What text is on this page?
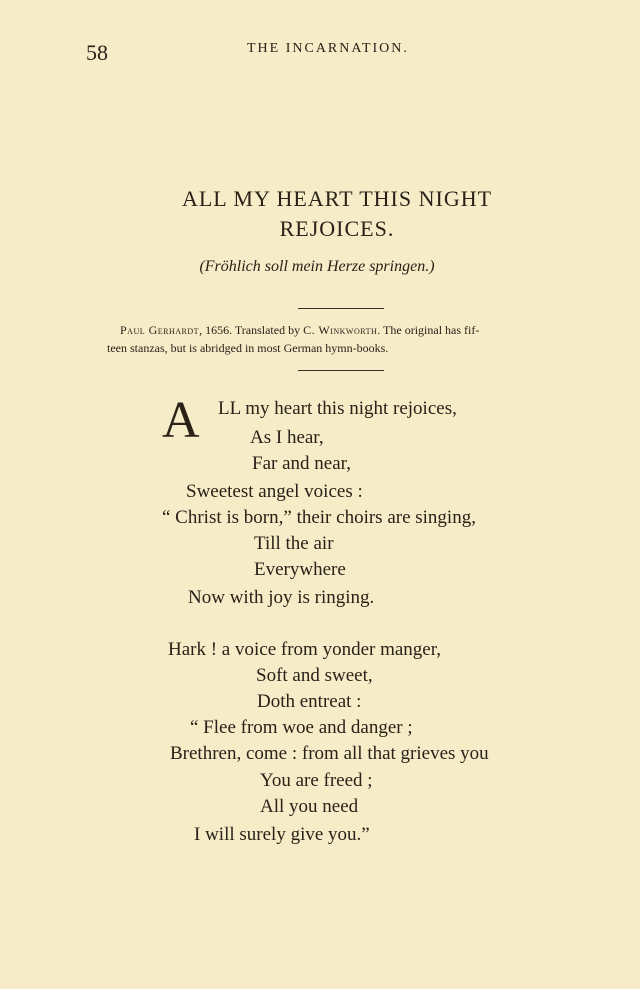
58	THE INCARNATION.
ALL MY HEART THIS NIGHT
REJOICES.
(Fröhlich soll mein Herze springen.)
Paul Gerhardt, 1656. Translated by C. Winkworth. The original has fif-
teen stanzas, but is abridged in most German hymn-books.
A LL my heart this night rejoices,
As I hear,
Far and near,
Sweetest angel voices :
“ Christ is born,” their choirs are singing,
Till the air
Everywhere
Now with joy is ringing.
Hark ! a voice from yonder manger,
Soft and sweet,
Doth entreat :
“ Flee from woe and danger ;
Brethren, come : from all that grieves you
You are freed ;
All you need
I will surely give you.”
